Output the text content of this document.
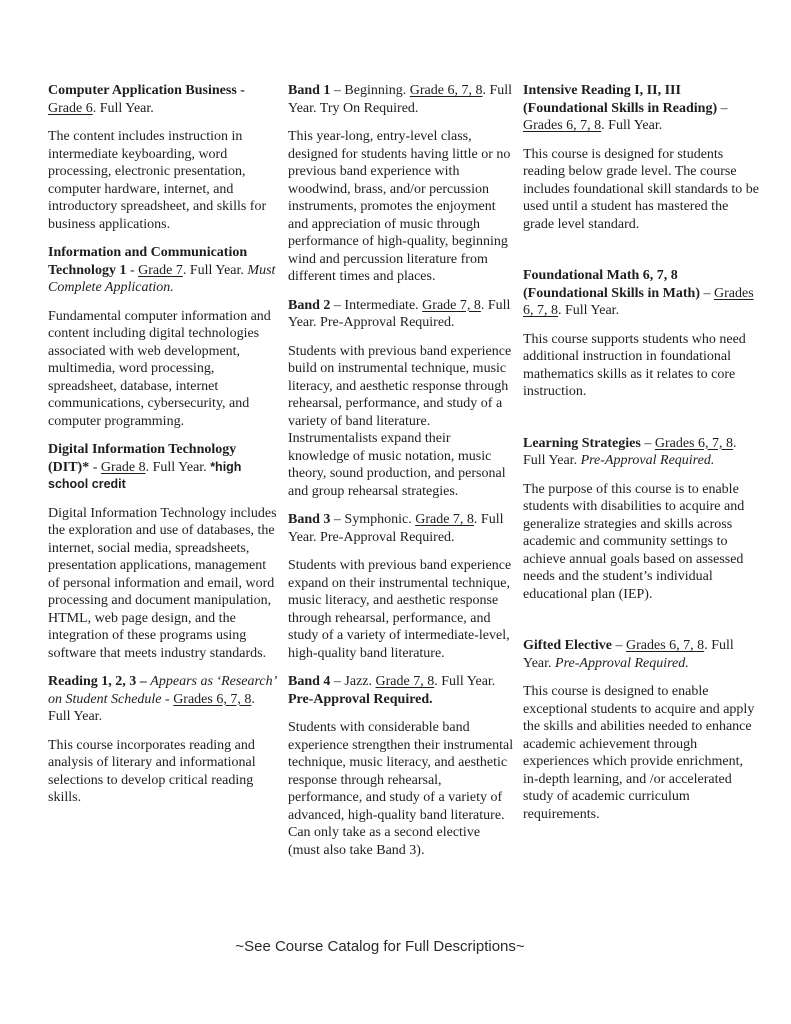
Computer Application Business - Grade 6. Full Year.

The content includes instruction in intermediate keyboarding, word processing, electronic presentation, computer hardware, internet, and introductory spreadsheet, and skills for business applications.

Information and Communication Technology 1 - Grade 7. Full Year. Must Complete Application.

Fundamental computer information and content including digital technologies associated with web development, multimedia, word processing, spreadsheet, database, internet communications, cybersecurity, and computer programming.

Digital Information Technology (DIT)* - Grade 8. Full Year. *high school credit

Digital Information Technology includes the exploration and use of databases, the internet, social media, spreadsheets, presentation applications, management of personal information and email, word processing and document manipulation, HTML, web page design, and the integration of these programs using software that meets industry standards.

Reading 1, 2, 3 – Appears as ‘Research’ on Student Schedule - Grades 6, 7, 8. Full Year.

This course incorporates reading and analysis of literary and informational selections to develop critical reading skills.

Band 1 – Beginning. Grade 6, 7, 8. Full Year. Try On Required.

This year-long, entry-level class, designed for students having little or no previous band experience with woodwind, brass, and/or percussion instruments, promotes the enjoyment and appreciation of music through performance of high-quality, beginning wind and percussion literature from different times and places.

Band 2 – Intermediate. Grade 7, 8. Full Year. Pre-Approval Required.

Students with previous band experience build on instrumental technique, music literacy, and aesthetic response through rehearsal, performance, and study of a variety of band literature. Instrumentalists expand their knowledge of music notation, music theory, sound production, and personal and group rehearsal strategies.

Band 3 – Symphonic. Grade 7, 8. Full Year. Pre-Approval Required.

Students with previous band experience expand on their instrumental technique, music literacy, and aesthetic response through rehearsal, performance, and study of a variety of intermediate-level, high-quality band literature.

Band 4 – Jazz. Grade 7, 8. Full Year. Pre-Approval Required.

Students with considerable band experience strengthen their instrumental technique, music literacy, and aesthetic response through rehearsal, performance, and study of a variety of advanced, high-quality band literature. Can only take as a second elective (must also take Band 3).

Intensive Reading I, II, III (Foundational Skills in Reading) – Grades 6, 7, 8. Full Year.

This course is designed for students reading below grade level. The course includes foundational skill standards to be used until a student has mastered the grade level standard.

Foundational Math 6, 7, 8 (Foundational Skills in Math) – Grades 6, 7, 8. Full Year.

This course supports students who need additional instruction in foundational mathematics skills as it relates to core instruction.

Learning Strategies – Grades 6, 7, 8. Full Year. Pre-Approval Required.

The purpose of this course is to enable students with disabilities to acquire and generalize strategies and skills across academic and community settings to achieve annual goals based on assessed needs and the student’s individual educational plan (IEP).

Gifted Elective – Grades 6, 7, 8. Full Year. Pre-Approval Required.

This course is designed to enable exceptional students to acquire and apply the skills and abilities needed to enhance academic achievement through experiences which provide enrichment, in-depth learning, and /or accelerated study of academic curriculum requirements.

~See Course Catalog for Full Descriptions~
